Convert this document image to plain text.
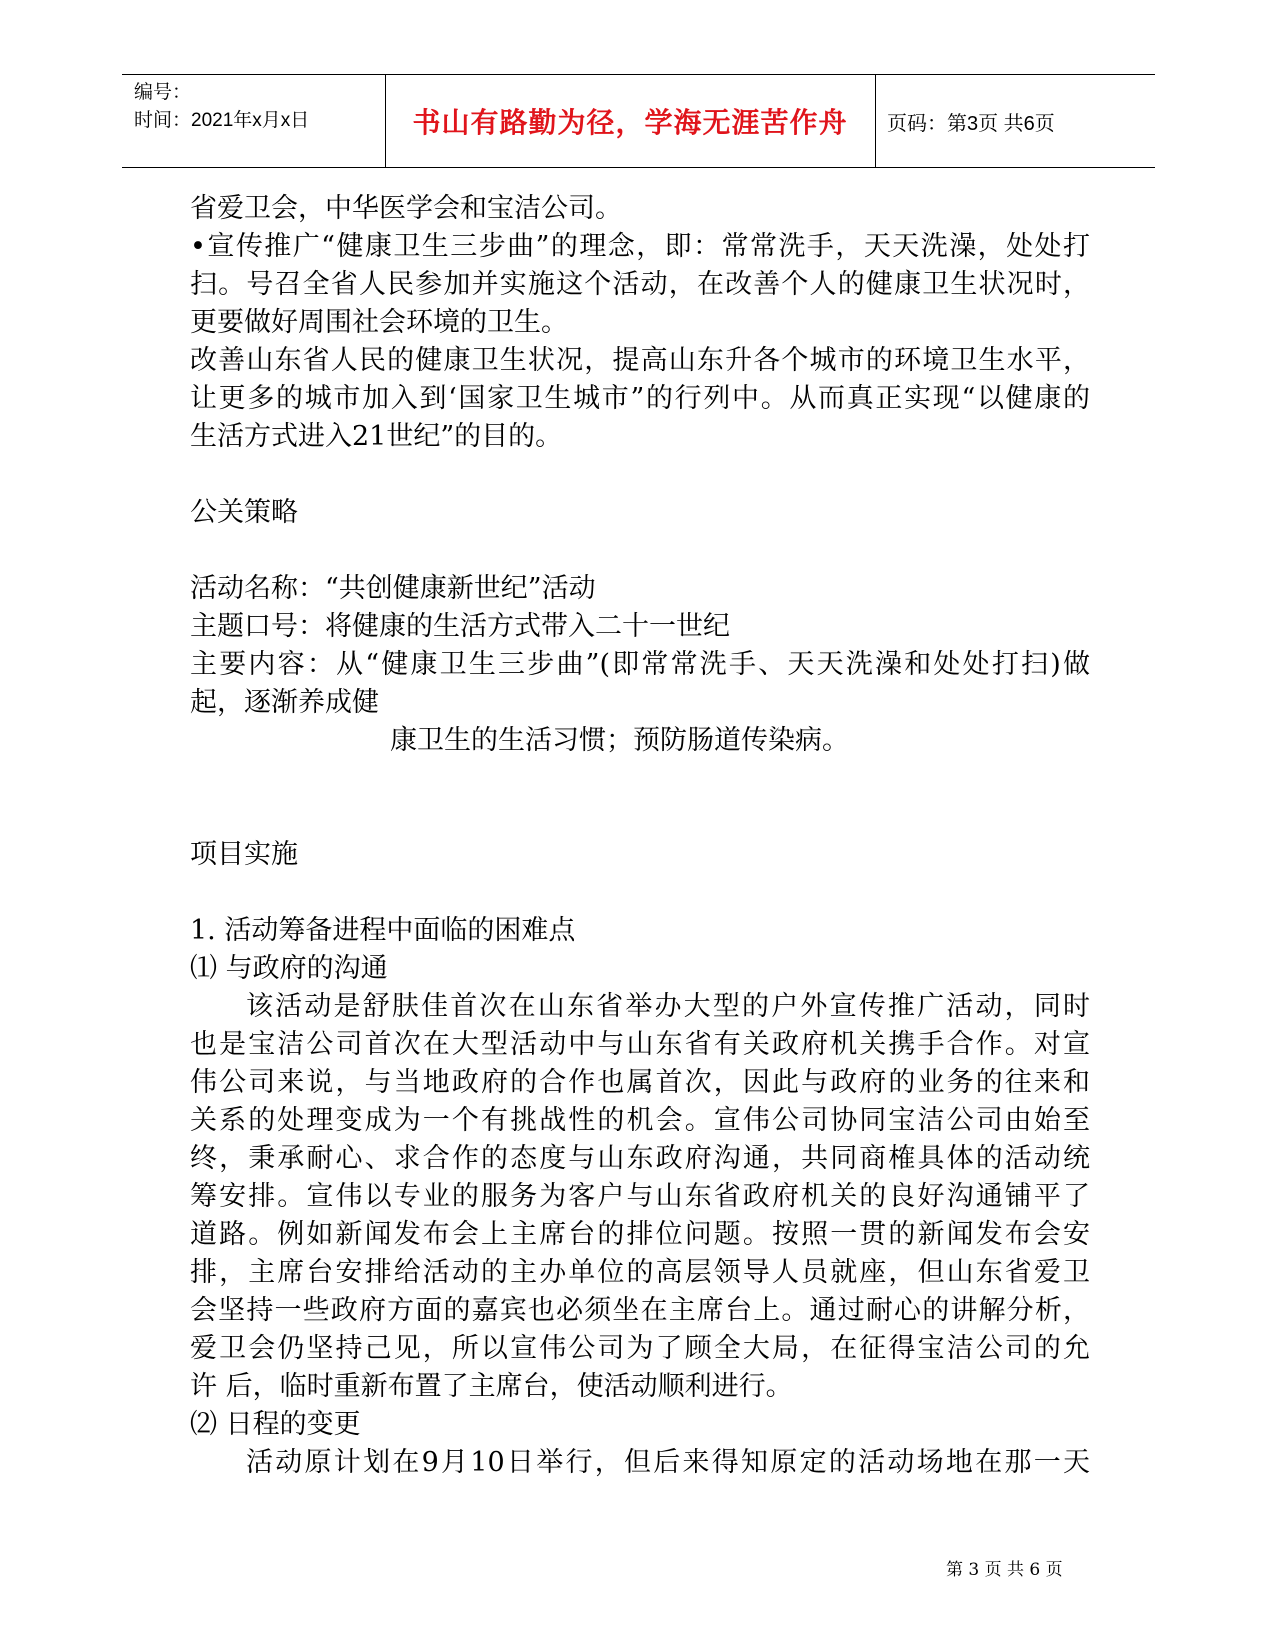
编号：
时间：2021年x月x日	书山有路勤为径，学海无涯苦作舟 页码：第3页 共6页

省爱卫会，中华医学会和宝洁公司。

•宣传推广“健康卫生三步曲”的理念，即：常常洗手，天天洗澡，处处打

扫。号召全省人民参加并实施这个活动，在改善个人的健康卫生状况时，

更要做好周围社会环境的卫生。

改善山东省人民的健康卫生状况，提高山东升各个城市的环境卫生水平，

让更多的城市加入到‘国家卫生城市”的行列中。从而真正实现“以健康的

生活方式进入21世纪”的目的。

公关策略

活动名称：“共创健康新世纪”活动

主题口号：将健康的生活方式带入二十一世纪

主要内容：从“健康卫生三步曲”(即常常洗手、天天洗澡和处处打扫)做

起，逐渐养成健

康卫生的生活习惯；预防肠道传染病。

项目实施

1. 活动筹备进程中面临的困难点

⑴ 与政府的沟通

该活动是舒肤佳首次在山东省举办大型的户外宣传推广活动，同时

也是宝洁公司首次在大型活动中与山东省有关政府机关携手合作。对宣

伟公司来说，与当地政府的合作也属首次，因此与政府的业务的往来和

关系的处理变成为一个有挑战性的机会。宣伟公司协同宝洁公司由始至

终，秉承耐心、求合作的态度与山东政府沟通，共同商榷具体的活动统

筹安排。宣伟以专业的服务为客户与山东省政府机关的良好沟通铺平了

道路。例如新闻发布会上主席台的排位问题。按照一贯的新闻发布会安

排，主席台安排给活动的主办单位的高层领导人员就座，但山东省爱卫

会坚持一些政府方面的嘉宾也必须坐在主席台上。通过耐心的讲解分析，

爱卫会仍坚持己见，所以宣伟公司为了顾全大局，在征得宝洁公司的允

许 后，临时重新布置了主席台，使活动顺利进行。

⑵ 日程的变更

活动原计划在9月10日举行，但后来得知原定的活动场地在那一天

第 3 页 共 6 页
